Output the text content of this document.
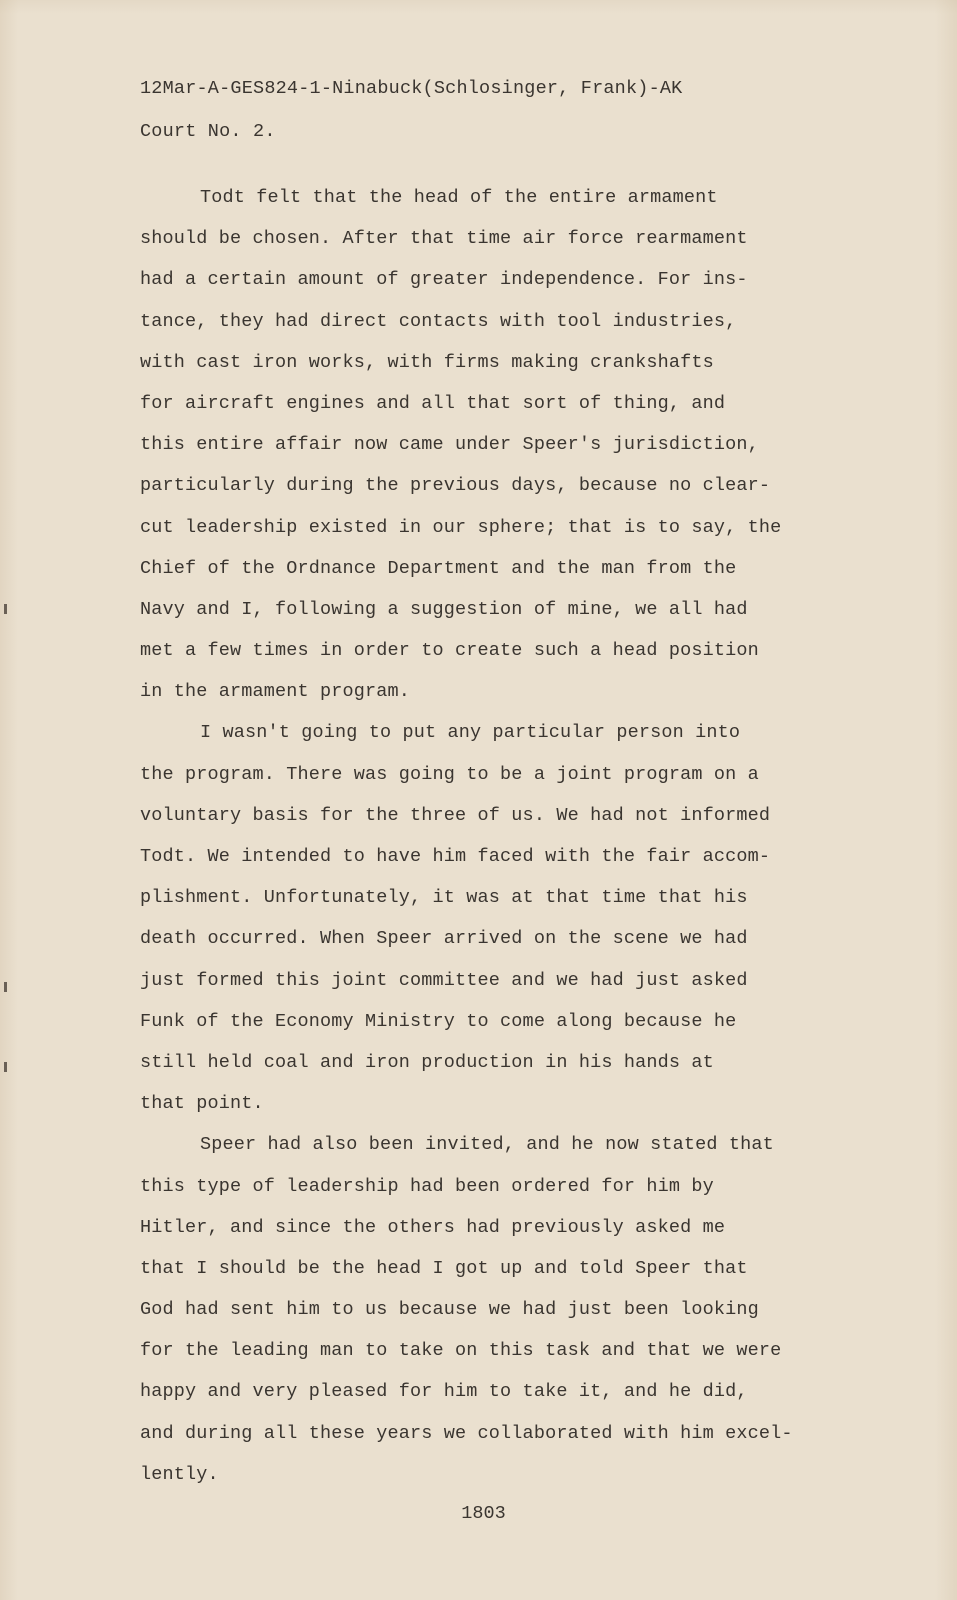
12Mar-A-GES824-1-Ninabuck(Schlosinger, Frank)-AK
Court No. 2.
Todt felt that the head of the entire armament
should be chosen. After that time air force rearmament
had a certain amount of greater independence. For ins-
tance, they had direct contacts with tool industries,
with cast iron works, with firms making crankshafts
for aircraft engines and all that sort of thing, and
this entire affair now came under Speer's jurisdiction,
particularly during the previous days, because no clear-
cut leadership existed in our sphere; that is to say, the
Chief of the Ordnance Department and the man from the
Navy and I, following a suggestion of mine, we all had
met a few times in order to create such a head position
in the armament program.
I wasn't going to put any particular person into
the program. There was going to be a joint program on a
voluntary basis for the three of us. We had not informed
Todt. We intended to have him faced with the fair accom-
plishment. Unfortunately, it was at that time that his
death occurred. When Speer arrived on the scene we had
just formed this joint committee and we had just asked
Funk of the Economy Ministry to come along because he
still held coal and iron production in his hands at
that point.
Speer had also been invited, and he now stated that
this type of leadership had been ordered for him by
Hitler, and since the others had previously asked me
that I should be the head I got up and told Speer that
God had sent him to us because we had just been looking
for the leading man to take on this task and that we were
happy and very pleased for him to take it, and he did,
and during all these years we collaborated with him excel-
lently.
1803
